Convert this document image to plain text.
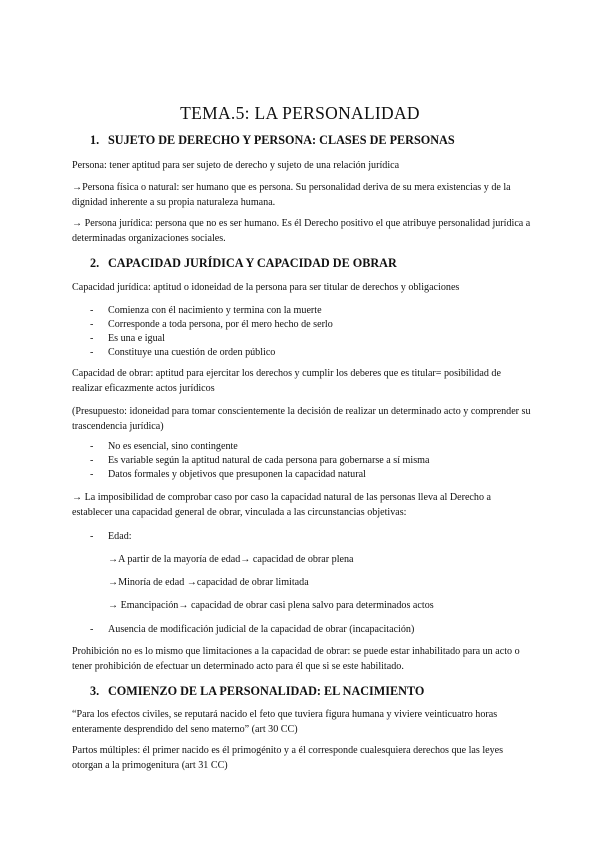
TEMA.5: LA PERSONALIDAD
1. SUJETO DE DERECHO Y PERSONA: CLASES DE PERSONAS
Persona: tener aptitud para ser sujeto de derecho y sujeto de una relación jurídica
→Persona física o natural: ser humano que es persona. Su personalidad deriva de su mera existencias y de la dignidad inherente a su propia naturaleza humana.
→ Persona jurídica: persona que no es ser humano. Es él Derecho positivo el que atribuye personalidad jurídica a determinadas organizaciones sociales.
2. CAPACIDAD JURÍDICA Y CAPACIDAD DE OBRAR
Capacidad jurídica: aptitud o idoneidad de la persona para ser titular de derechos y obligaciones
- Comienza con él nacimiento y termina con la muerte
- Corresponde a toda persona, por él mero hecho de serlo
- Es una e igual
- Constituye una cuestión de orden público
Capacidad de obrar: aptitud para ejercitar los derechos y cumplir los deberes que es titular= posibilidad de realizar eficazmente actos jurídicos
(Presupuesto: idoneidad para tomar conscientemente la decisión de realizar un determinado acto y comprender su trascendencia jurídica)
- No es esencial, sino contingente
- Es variable según la aptitud natural de cada persona para gobernarse a sí misma
- Datos formales y objetivos que presuponen la capacidad natural
→ La imposibilidad de comprobar caso por caso la capacidad natural de las personas lleva al Derecho a establecer una capacidad general de obrar, vinculada a las circunstancias objetivas:
- Edad:
→A partir de la mayoría de edad→ capacidad de obrar plena
→Minoría de edad →capacidad de obrar limitada
→ Emancipación→ capacidad de obrar casi plena salvo para determinados actos
- Ausencia de modificación judicial de la capacidad de obrar (incapacitación)
Prohibición no es lo mismo que limitaciones a la capacidad de obrar: se puede estar inhabilitado para un acto o tener prohibición de efectuar un determinado acto para él que si se este habilitado.
3. COMIENZO DE LA PERSONALIDAD: EL NACIMIENTO
“Para los efectos civiles, se reputará nacido el feto que tuviera figura humana y viviere veinticuatro horas enteramente desprendido del seno materno” (art 30 CC)
Partos múltiples: él primer nacido es él primogénito y a él corresponde cualesquiera derechos que las leyes otorgan a la primogenitura (art 31 CC)
